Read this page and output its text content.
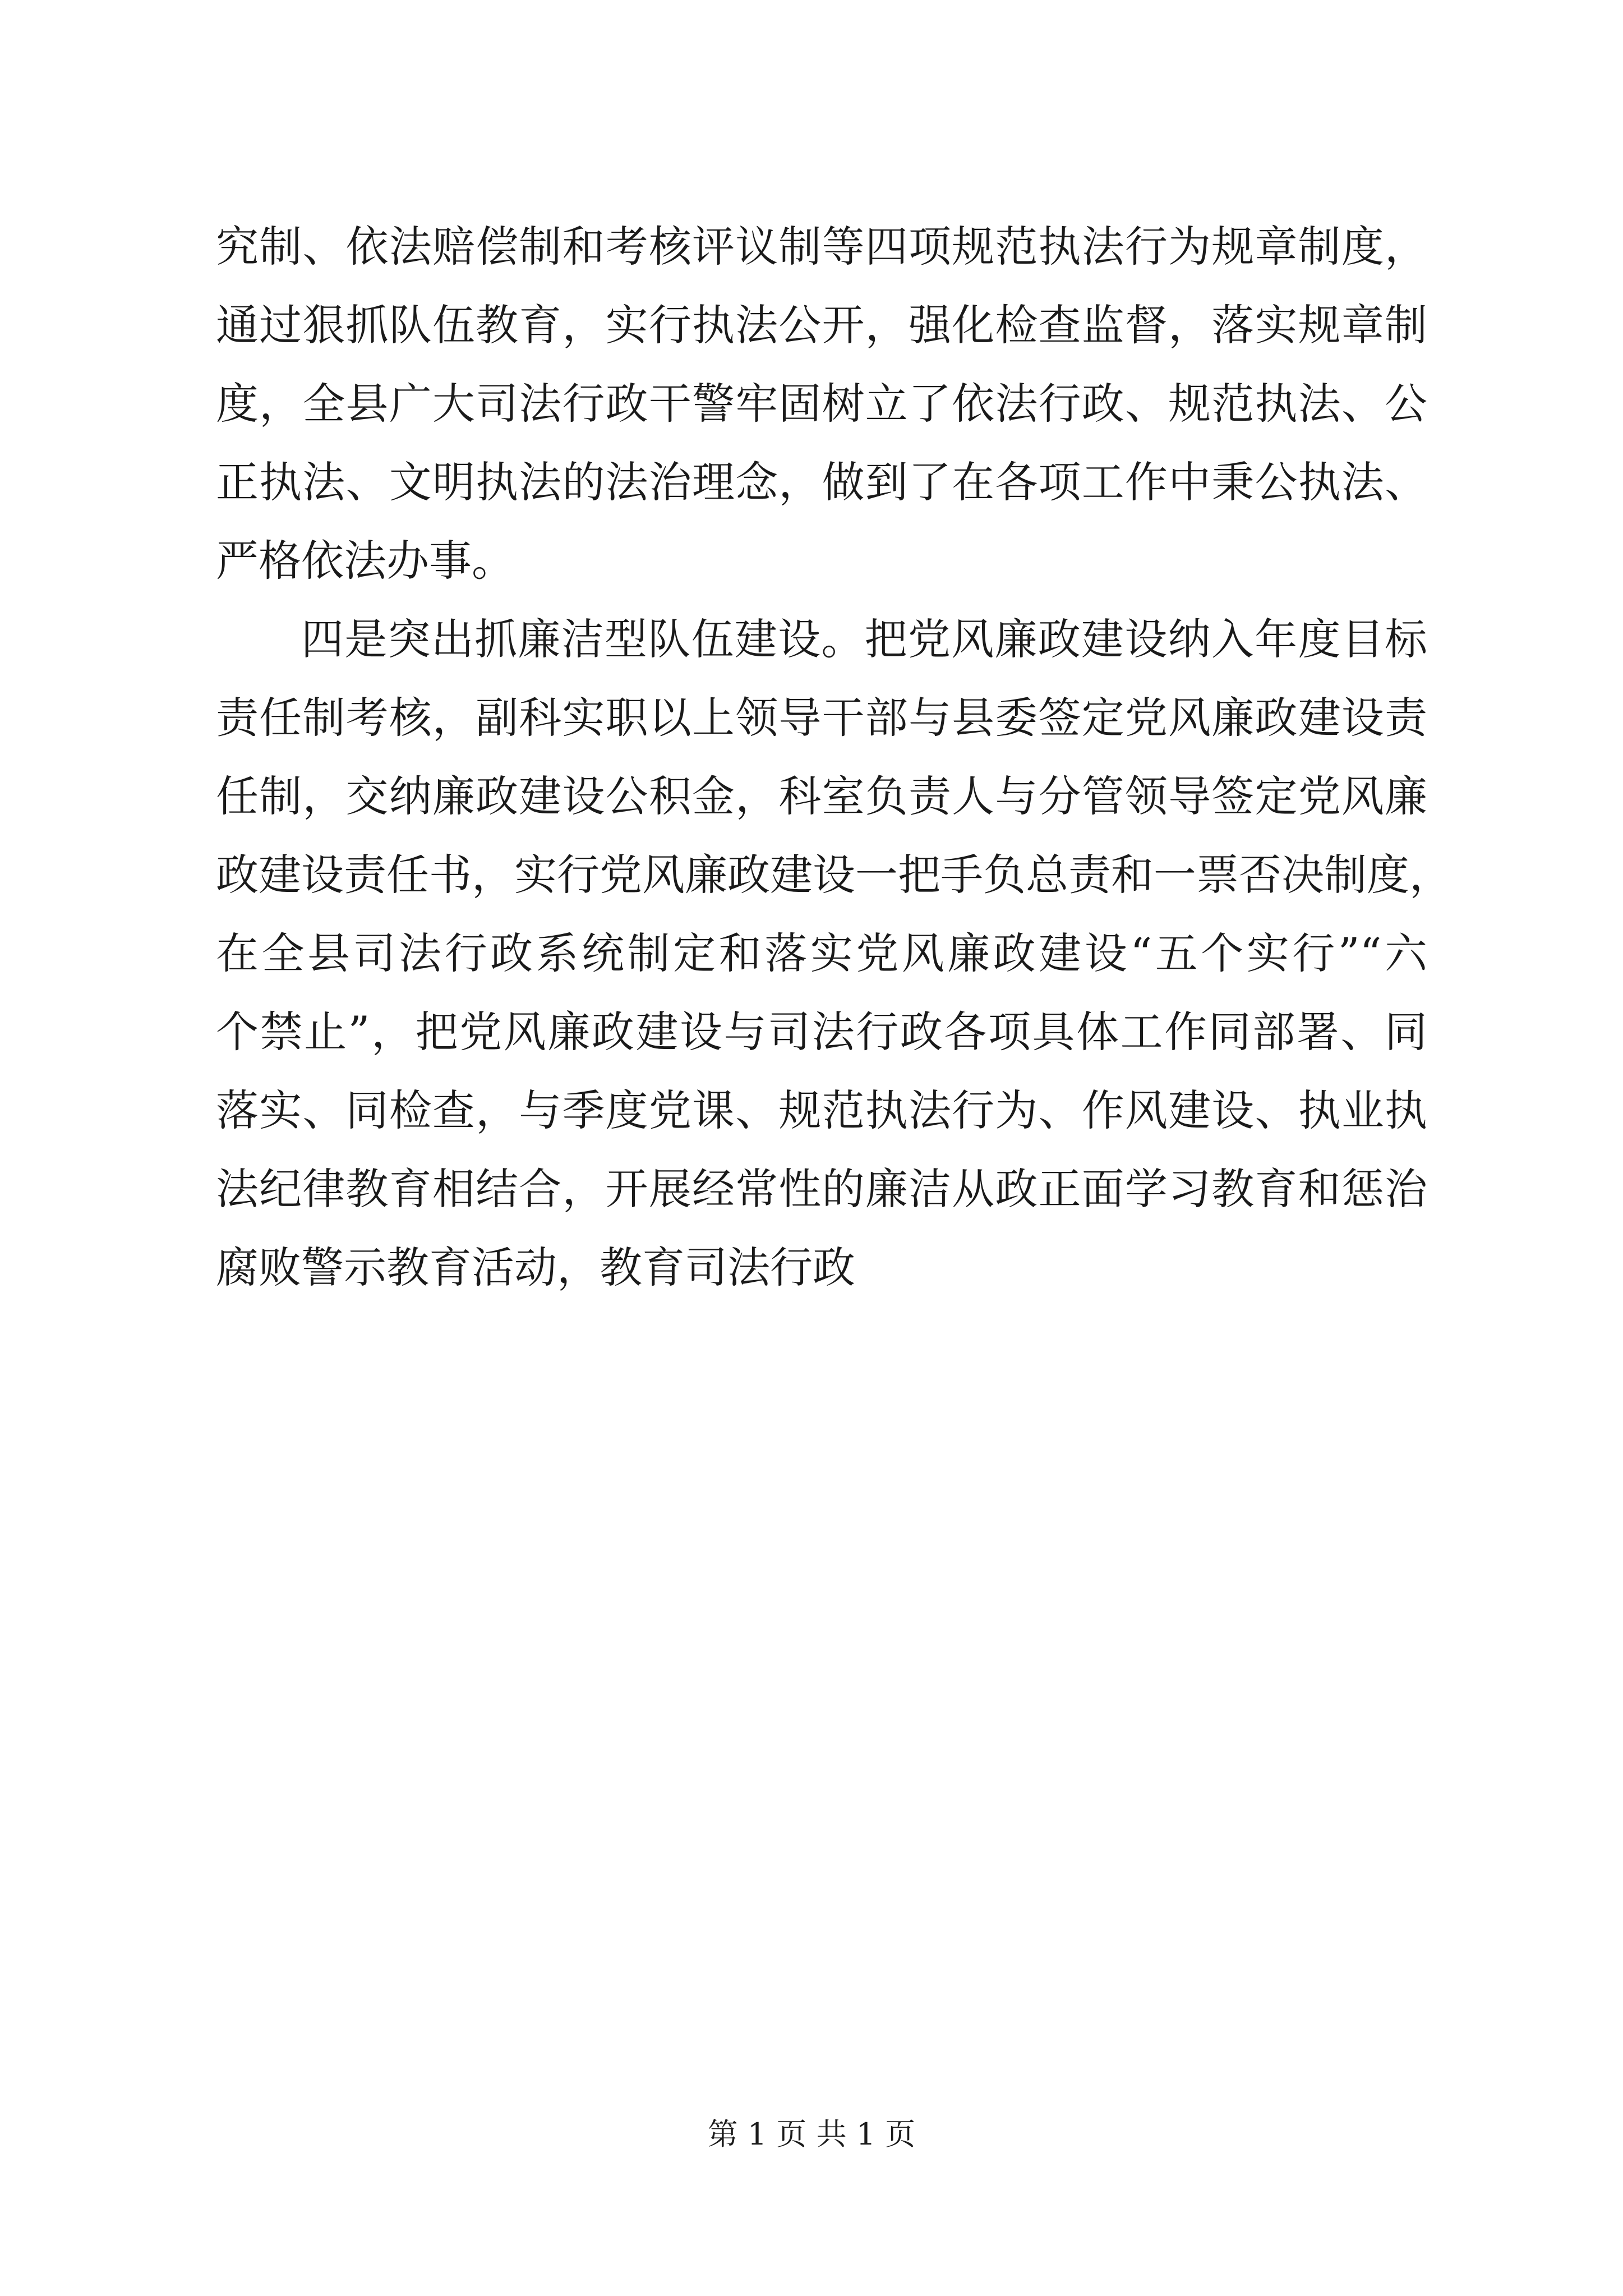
究制、依法赔偿制和考核评议制等四项规范执法行为规章制度，
通过狠抓队伍教育，实行执法公开，强化检查监督，落实规章制
度，全县广大司法行政干警牢固树立了依法行政、规范执法、公
正执法、文明执法的法治理念，做到了在各项工作中秉公执法、
严格依法办事。
四是突出抓廉洁型队伍建设。把党风廉政建设纳入年度目标
责任制考核，副科实职以上领导干部与县委签定党风廉政建设责
任制，交纳廉政建设公积金，科室负责人与分管领导签定党风廉
政建设责任书，实行党风廉政建设一把手负总责和一票否决制度，
在全县司法行政系统制定和落实党风廉政建设“五个实行”“六
个禁止”，把党风廉政建设与司法行政各项具体工作同部署、同
落实、同检查，与季度党课、规范执法行为、作风建设、执业执
法纪律教育相结合，开展经常性的廉洁从政正面学习教育和惩治
腐败警示教育活动，教育司法行政
第 1 页 共 1 页
